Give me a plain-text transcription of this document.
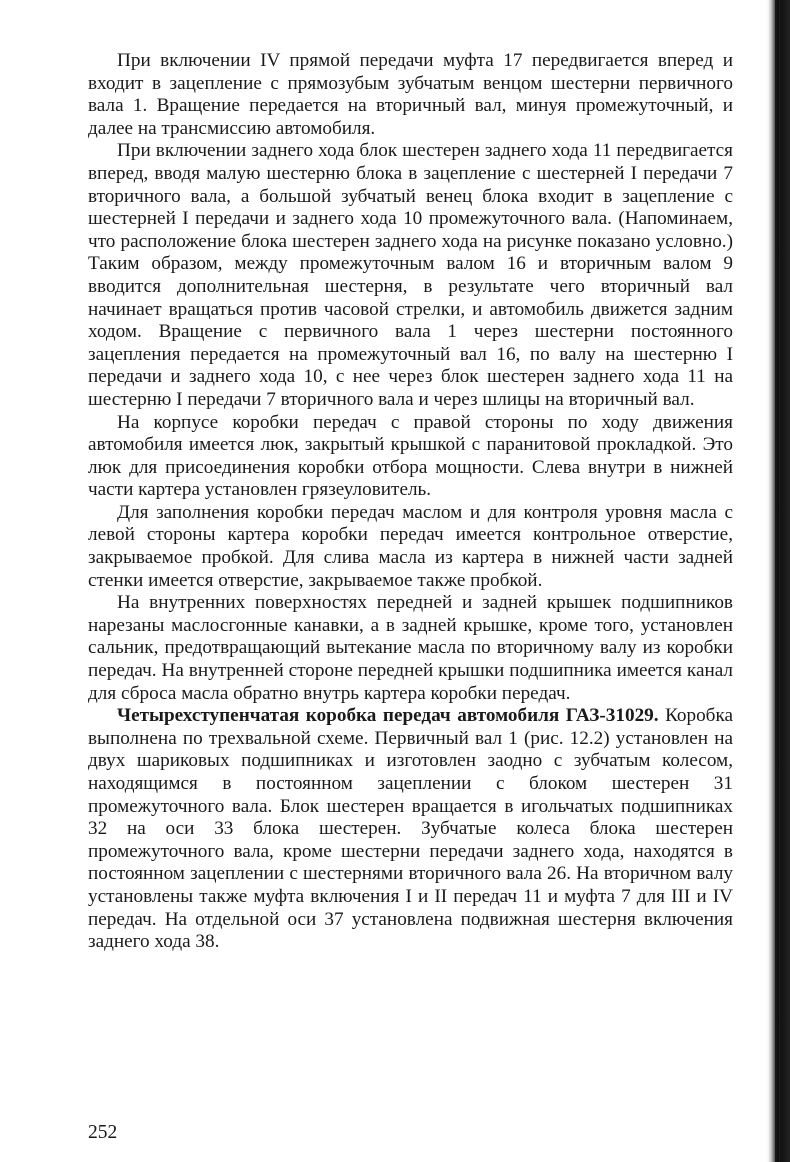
При включении IV прямой передачи муфта 17 передвигается вперед и входит в зацепление с прямозубым зубчатым венцом шестерни первичного вала 1. Вращение передается на вторичный вал, минуя промежуточный, и далее на трансмиссию автомобиля.

При включении заднего хода блок шестерен заднего хода 11 передвигается вперед, вводя малую шестерню блока в зацепление с шестерней I передачи 7 вторичного вала, а большой зубчатый венец блока входит в зацепление с шестерней I передачи и заднего хода 10 промежуточного вала. (Напоминаем, что расположение блока шестерен заднего хода на рисунке показано условно.) Таким образом, между промежуточным валом 16 и вторичным валом 9 вводится дополнительная шестерня, в результате чего вторичный вал начинает вращаться против часовой стрелки, и автомобиль движется задним ходом. Вращение с первичного вала 1 через шестерни постоянного зацепления передается на промежуточный вал 16, по валу на шестерню I передачи и заднего хода 10, с нее через блок шестерен заднего хода 11 на шестерню I передачи 7 вторичного вала и через шлицы на вторичный вал.

На корпусе коробки передач с правой стороны по ходу движения автомобиля имеется люк, закрытый крышкой с паранитовой прокладкой. Это люк для присоединения коробки отбора мощности. Слева внутри в нижней части картера установлен грязеуловитель.

Для заполнения коробки передач маслом и для контроля уровня масла с левой стороны картера коробки передач имеется контрольное отверстие, закрываемое пробкой. Для слива масла из картера в нижней части задней стенки имеется отверстие, закрываемое также пробкой.

На внутренних поверхностях передней и задней крышек подшипников нарезаны маслосгонные канавки, а в задней крышке, кроме того, установлен сальник, предотвращающий вытекание масла по вторичному валу из коробки передач. На внутренней стороне передней крышки подшипника имеется канал для сброса масла обратно внутрь картера коробки передач.

Четырехступенчатая коробка передач автомобиля ГАЗ-31029. Коробка выполнена по трехвальной схеме. Первичный вал 1 (рис. 12.2) установлен на двух шариковых подшипниках и изготовлен заодно с зубчатым колесом, находящимся в постоянном зацеплении с блоком шестерен 31 промежуточного вала. Блок шестерен вращается в игольчатых подшипниках 32 на оси 33 блока шестерен. Зубчатые колеса блока шестерен промежуточного вала, кроме шестерни передачи заднего хода, находятся в постоянном зацеплении с шестернями вторичного вала 26. На вторичном валу установлены также муфта включения I и II передач 11 и муфта 7 для III и IV передач. На отдельной оси 37 установлена подвижная шестерня включения заднего хода 38.

252
